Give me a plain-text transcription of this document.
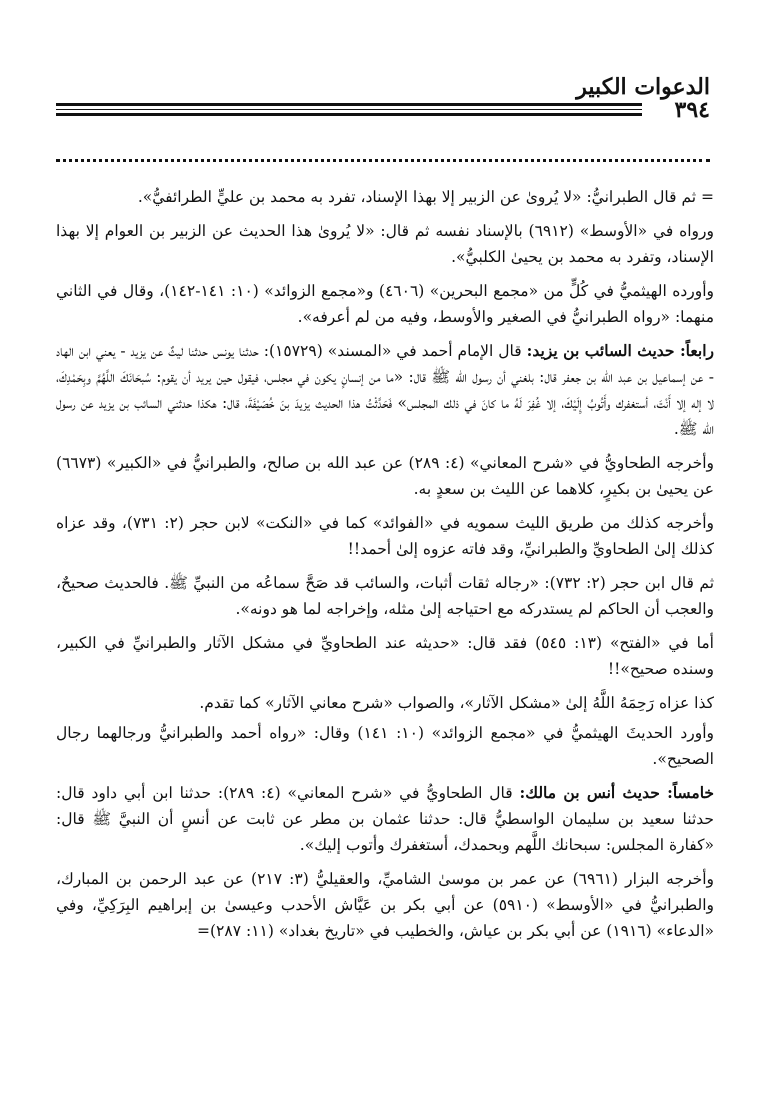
الدعوات الكبير
٣٩٤

= ثم قال الطبرانيُّ: «لا يُروىٰ عن الزبير إلا بهذا الإسناد، تفرد به محمد بن عليٍّ الطرائفيُّ».

ورواه في «الأوسط» (٦٩١٢) بالإسناد نفسه ثم قال: «لا يُروىٰ هذا الحديث عن الزبير بن العوام إلا بهذا الإسناد، وتفرد به محمد بن يحيىٰ الكلبيُّ».

وأورده الهيثميُّ في كُلٍّ من «مجمع البحرين» (٤٦٠٦) و«مجمع الزوائد» (١٠: ١٤١-١٤٢)، وقال في الثاني منهما: «رواه الطبرانيُّ في الصغير والأوسط، وفيه من لم أعرفه».

رابعاً: حديث السائب بن يزيد: قال الإمام أحمد في «المسند» (١٥٧٢٩): حدثنا يونس حدثنا ليثٌ عن يزيد - يعني ابن الهاد - عن إسماعيل بن عبد الله بن جعفر قال: بلغني أن رسول الله ﷺ قال: «ما من إنسانٍ يكون في مجلس، فيقول حين يريد أن يقوم: سُبحَانَكَ اللَّهُمَّ وبِحَمْدِكَ، لا إله إلا أَنْتَ، أستغفرك وأَتُوبُ إِلَيْكَ، إلا غُفِرَ لَهُ ما كانَ في ذلك المجلس» فَحَدَّثْتُ هذا الحديث يزيدَ بنَ خُصَيْفَةَ، قال: هكذا حدثني السائب بن يزيد عن رسول الله ﷺ.

وأخرجه الطحاويُّ في «شرح المعاني» (٤: ٢٨٩) عن عبد الله بن صالح، والطبرانيُّ في «الكبير» (٦٦٧٣) عن يحيىٰ بن بكيرٍ، كلاهما عن الليث بن سعدٍ به.

وأخرجه كذلك من طريق الليث سمويه في «الفوائد» كما في «النكت» لابن حجر (٢: ٧٣١)، وقد عزاه كذلك إلىٰ الطحاويِّ والطبرانيِّ، وقد فاته عزوه إلىٰ أحمد!!

ثم قال ابن حجر (٢: ٧٣٢): «رجاله ثقات أثبات، والسائب قد صَحَّ سماعُه من النبيِّ ﷺ. فالحديث صحيحٌ، والعجب أن الحاكم لم يستدركه مع احتياجه إلىٰ مثله، وإخراجه لما هو دونه».

أما في «الفتح» (١٣: ٥٤٥) فقد قال: «حديثه عند الطحاويِّ في مشكل الآثار والطبرانيِّ في الكبير، وسنده صحيح»!!

كذا عزاه رَحِمَهُ اللَّهُ إلىٰ «مشكل الآثار»، والصواب «شرح معاني الآثار» كما تقدم.

وأورد الحديثَ الهيثميُّ في «مجمع الزوائد» (١٠: ١٤١) وقال: «رواه أحمد والطبرانيُّ ورجالهما رجال الصحيح».

خامساً: حديث أنس بن مالك: قال الطحاويُّ في «شرح المعاني» (٤: ٢٨٩): حدثنا ابن أبي داود قال: حدثنا سعيد بن سليمان الواسطيُّ قال: حدثنا عثمان بن مطر عن ثابت عن أنسٍ أن النبيَّ ﷺ قال: «كفارة المجلس: سبحانك اللَّهم وبحمدك، أستغفرك وأتوب إليك».

وأخرجه البزار (٦٩٦١) عن عمر بن موسىٰ الشاميِّ، والعقيليُّ (٣: ٢١٧) عن عبد الرحمن بن المبارك، والطبرانيُّ في «الأوسط» (٥٩١٠) عن أبي بكر بن عَيَّاش الأحدب وعيسىٰ بن إبراهيم البِرَكِيِّ، وفي «الدعاء» (١٩١٦) عن أبي بكر بن عياش، والخطيب في «تاريخ بغداد» (١١: ٢٨٧)=
